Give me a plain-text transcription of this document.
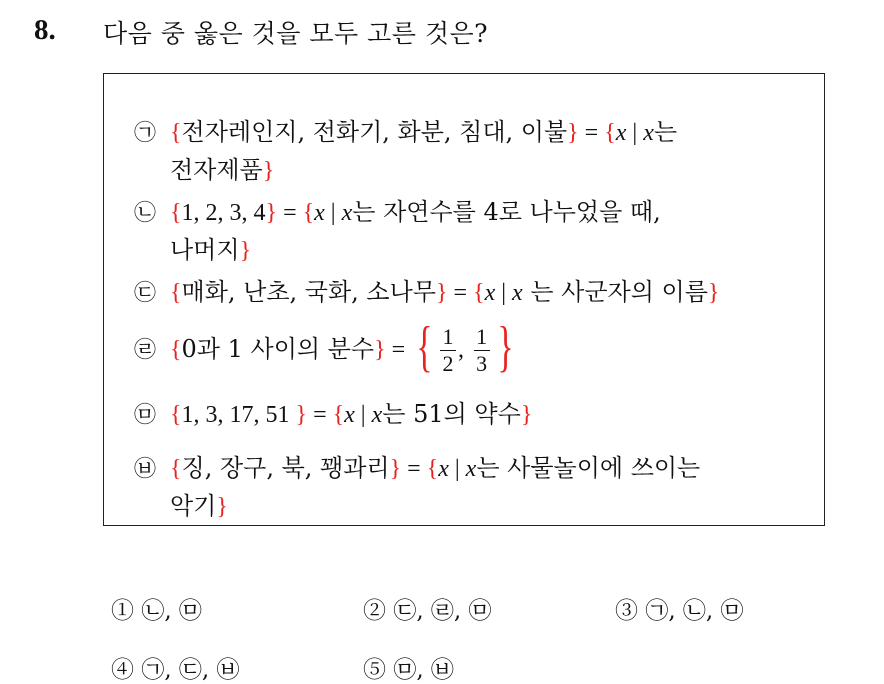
8. 다음 중 옳은 것을 모두 고른 것은?
㉠ {전자레인지, 전화기, 화분, 침대, 이불} = {x | x는
전자제품}
㉡ {1, 2, 3, 4} = {x | x는 자연수를 4로 나누었을 때,
나머지}
㉢ {매화, 난초, 국화, 소나무} = {x | x 는 사군자의 이름}
㉣ {0과 1 사이의 분수} = { $\frac{1}{2}$ , $\frac{1}{3}$ }
㉤ {1, 3, 17, 51 } = {x | x는 51의 약수}
㉥ {징, 장구, 북, 꽹과리} = {x | x는 사물놀이에 쓰이는
악기}
① ㉡, ㉤	② ㉢, ㉣, ㉤	③ ㉠, ㉡, ㉤
④ ㉠, ㉢, ㉥	⑤ ㉤, ㉥
